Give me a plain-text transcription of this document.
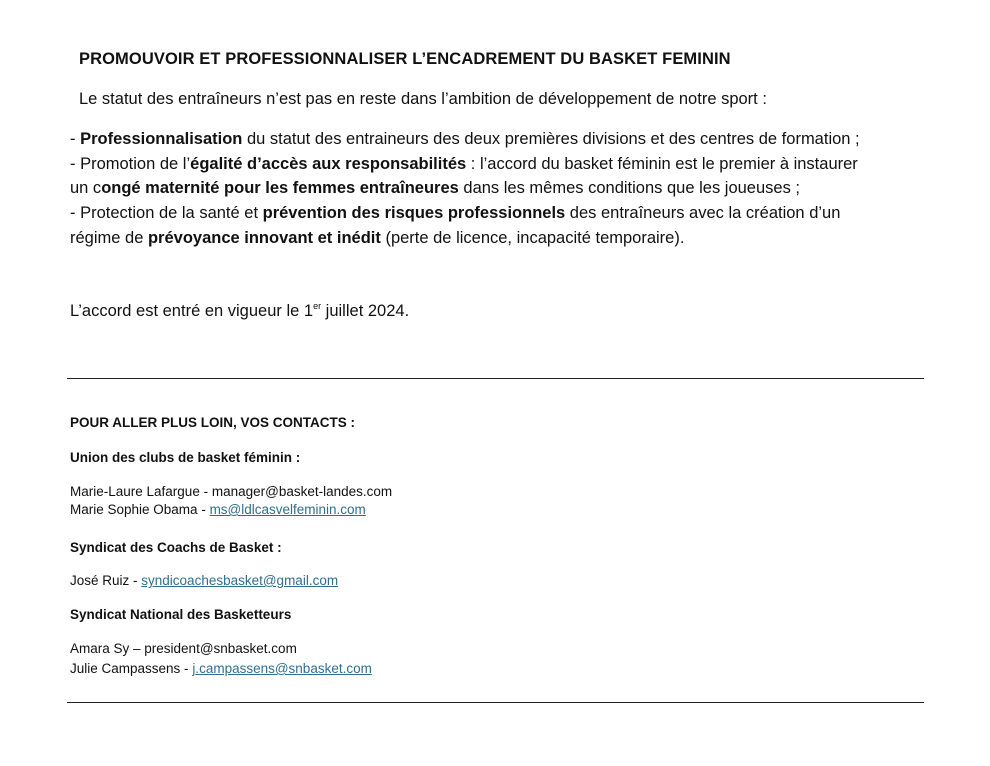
PROMOUVOIR ET PROFESSIONNALISER L’ENCADREMENT DU BASKET FEMININ
Le statut des entraîneurs n’est pas en reste dans l’ambition de développement de notre sport :

- Professionnalisation du statut des entraineurs des deux premières divisions et des centres de formation ;

- Promotion de l’égalité d’accès aux responsabilités : l’accord du basket féminin est le premier à instaurer

un congé maternité pour les femmes entraîneures dans les mêmes conditions que les joueuses ;

- Protection de la santé et prévention des risques professionnels des entraîneurs avec la création d’un

régime de prévoyance innovant et inédit (perte de licence, incapacité temporaire).

L’accord est entré en vigueur le 1er juillet 2024.
POUR ALLER PLUS LOIN, VOS CONTACTS :
Union des clubs de basket féminin :
Marie-Laure Lafargue - manager@basket-landes.com
Marie Sophie Obama - ms@ldlcasvelfeminin.com
Syndicat des Coachs de Basket :
José Ruiz - syndicoachesbasket@gmail.com
Syndicat National des Basketteurs
Amara Sy – president@snbasket.com
Julie Campassens - j.campassens@snbasket.com
